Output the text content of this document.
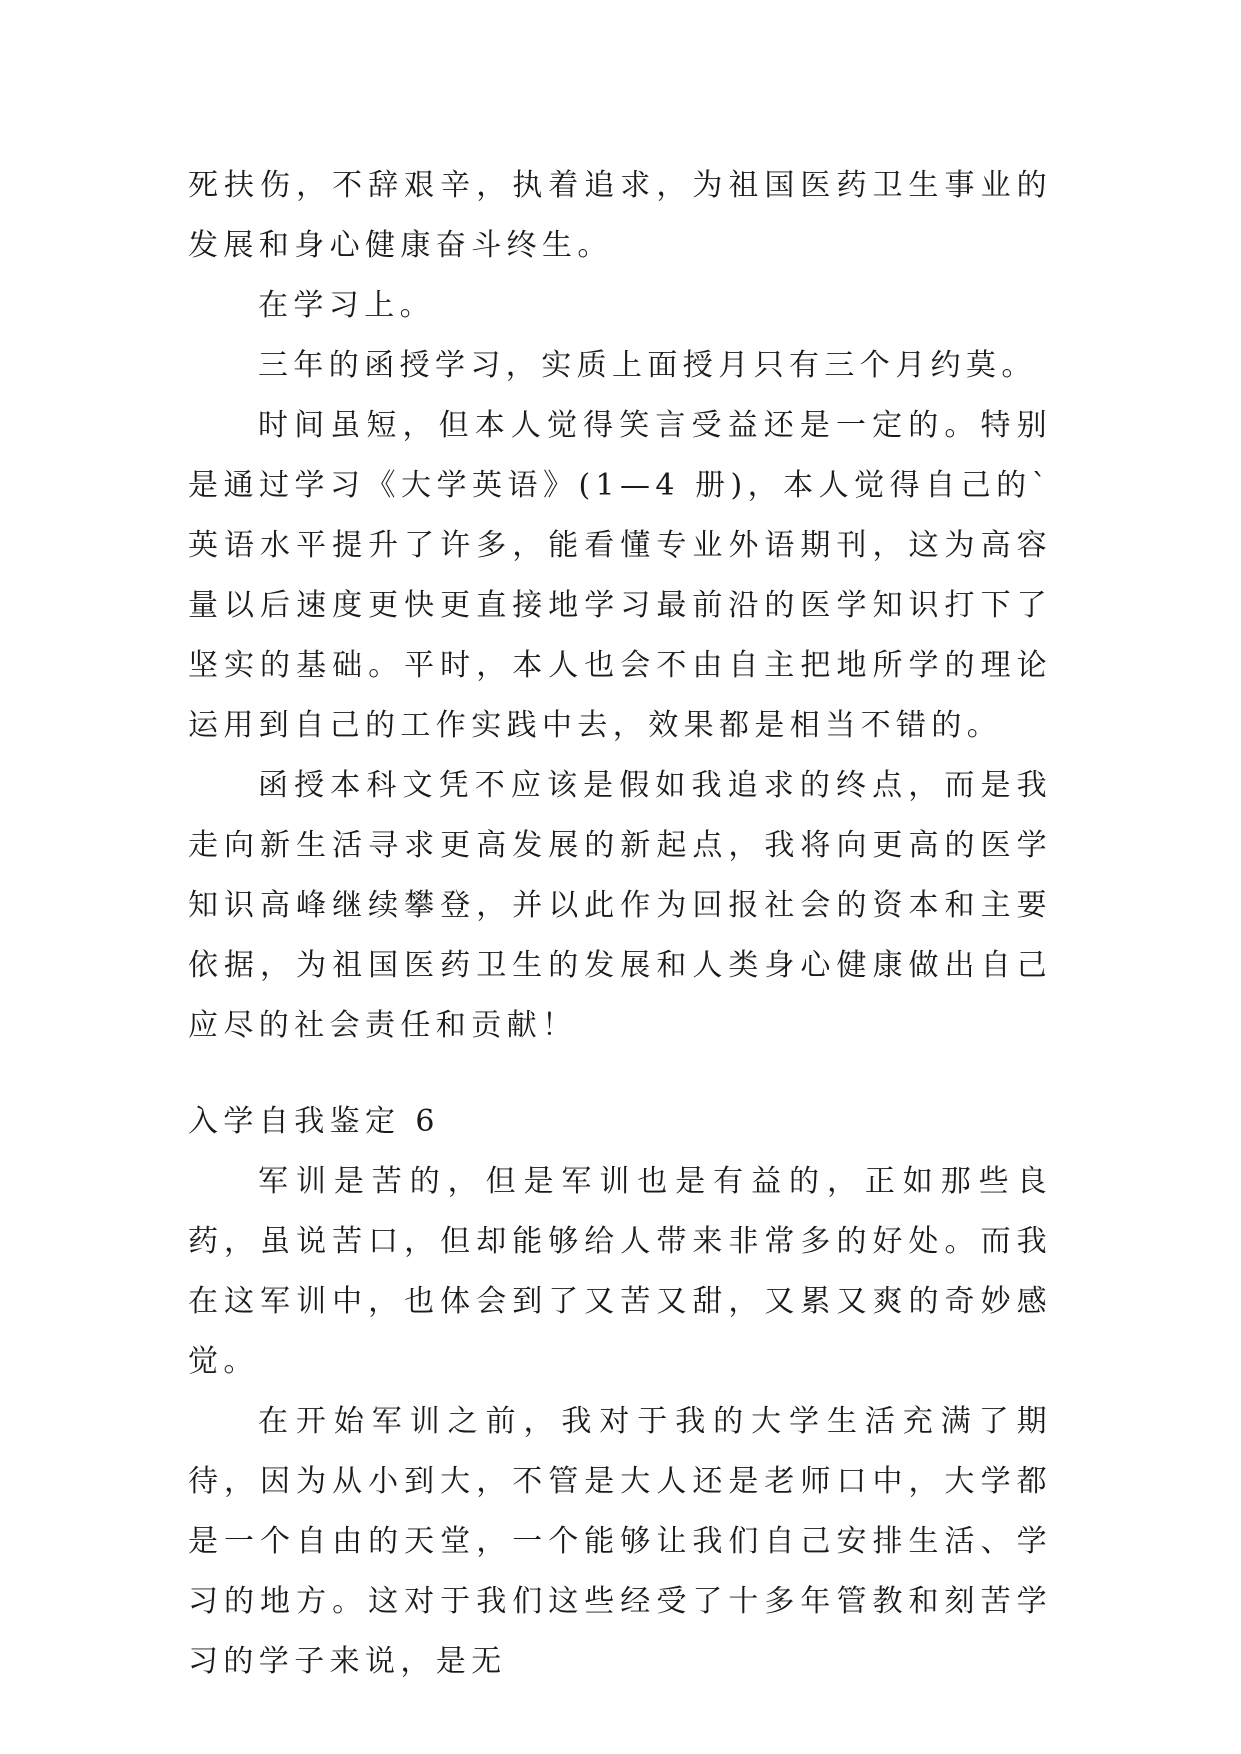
死扶伤，不辞艰辛，执着追求，为祖国医药卫生事业的发展和身心健康奋斗终生。

在学习上。

三年的函授学习，实质上面授月只有三个月约莫。

时间虽短，但本人觉得笑言受益还是一定的。特别是通过学习《大学英语》(1—4 册)，本人觉得自己的`英语水平提升了许多，能看懂专业外语期刊，这为高容量以后速度更快更直接地学习最前沿的医学知识打下了坚实的基础。平时，本人也会不由自主把地所学的理论运用到自己的工作实践中去，效果都是相当不错的。

函授本科文凭不应该是假如我追求的终点，而是我走向新生活寻求更高发展的新起点，我将向更高的医学知识高峰继续攀登，并以此作为回报社会的资本和主要依据，为祖国医药卫生的发展和人类身心健康做出自己应尽的社会责任和贡献！

入学自我鉴定 6

军训是苦的，但是军训也是有益的，正如那些良药，虽说苦口，但却能够给人带来非常多的好处。而我在这军训中，也体会到了又苦又甜，又累又爽的奇妙感觉。

在开始军训之前，我对于我的大学生活充满了期待，因为从小到大，不管是大人还是老师口中，大学都是一个自由的天堂，一个能够让我们自己安排生活、学习的地方。这对于我们这些经受了十多年管教和刻苦学习的学子来说，是无
